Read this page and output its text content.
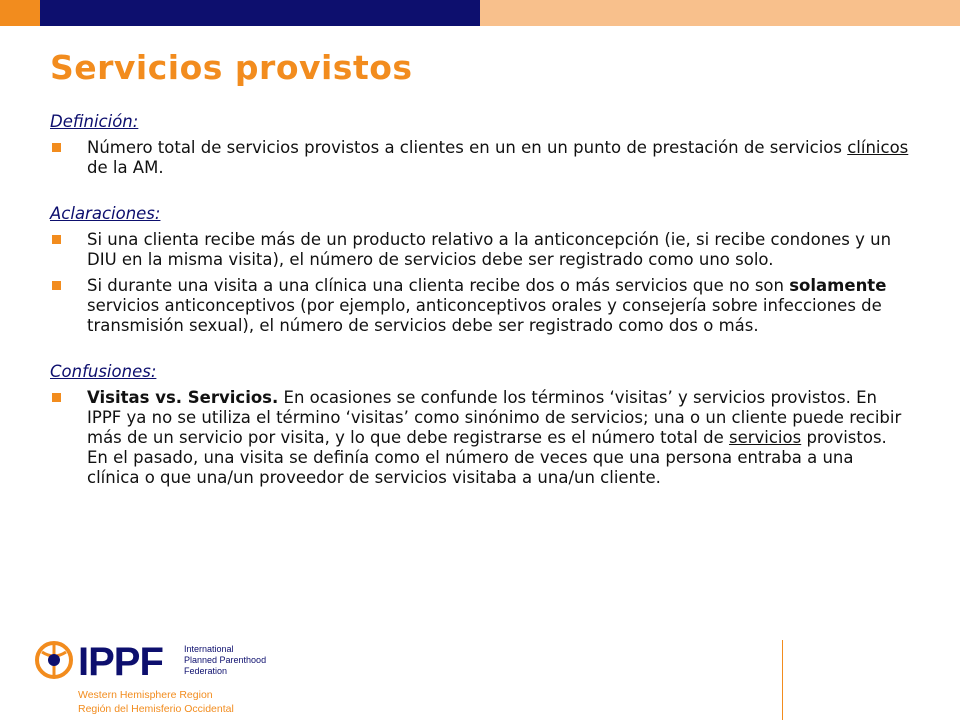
Servicios provistos
Definición:
Número total de servicios provistos a clientes en un en un punto de prestación de servicios clínicos de la AM.
Aclaraciones:
Si una clienta recibe más de un producto relativo a la anticoncepción (ie, si recibe condones y un DIU en la misma visita), el número de servicios debe ser registrado como uno solo.
Si durante una visita a una clínica una clienta recibe dos o más servicios que no son solamente servicios anticonceptivos (por ejemplo, anticonceptivos orales y consejería sobre infecciones de transmisión sexual), el número de servicios debe ser registrado como dos o más.
Confusiones:
Visitas vs. Servicios. En ocasiones se confunde los términos ‘visitas’ y servicios provistos. En IPPF ya no se utiliza el término ‘visitas’ como sinónimo de servicios; una o un cliente puede recibir más de un servicio por visita, y lo que debe registrarse es el número total de servicios provistos. En el pasado, una visita se definía como el número de veces que una persona entraba a una clínica o que una/un proveedor de servicios visitaba a una/un cliente.
IPPF International
Planned Parenthood
Federation
Western Hemisphere Region
Región del Hemisferio Occidental
